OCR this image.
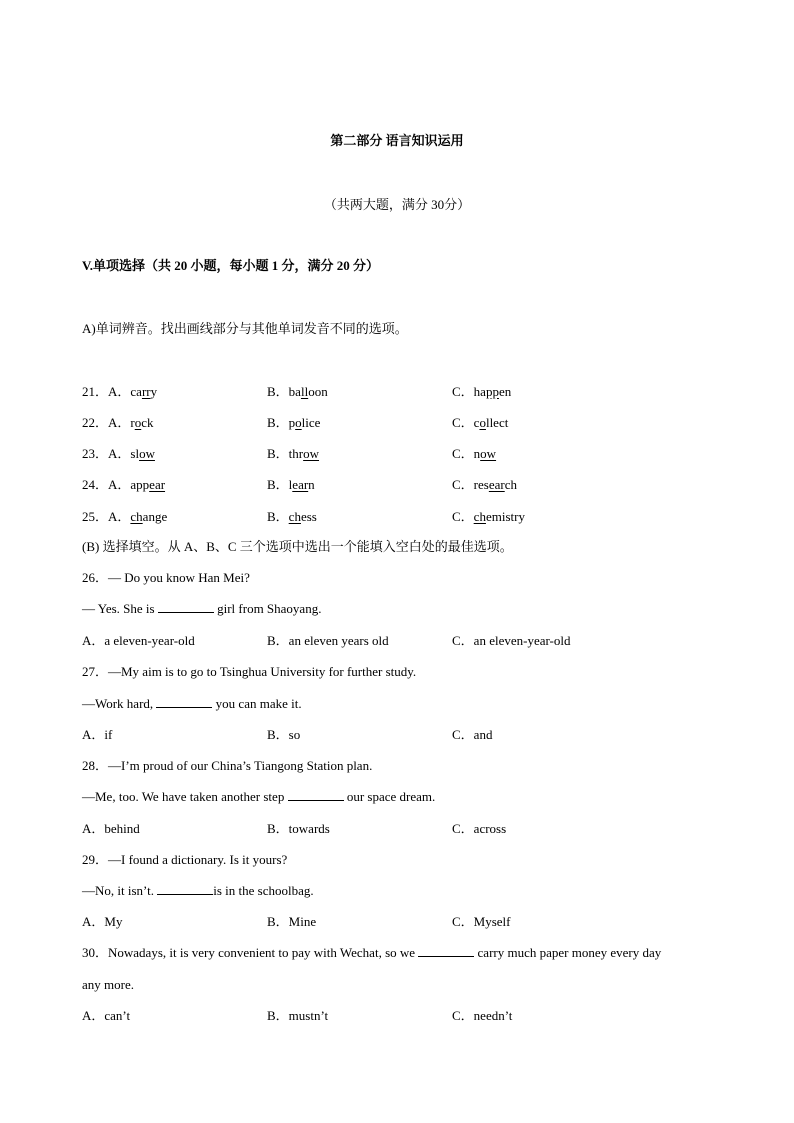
第二部分 语言知识运用
（共两大题，满分 30分）
V.单项选择（共 20 小题，每小题 1 分，满分 20 分）
A)单词辨音。找出画线部分与其他单词发音不同的选项。
21．A．carry	B．balloon	C．happen
22．A．rock	B．police	C．collect
23．A．slow	B．throw	C．now
24．A．appear	B．learn	C．research
25．A．change	B．chess	C．chemistry
(B) 选择填空。从 A、B、C 三个选项中选出一个能填入空白处的最佳选项。
26．— Do you know Han Mei?
— Yes. She is	girl from Shaoyang.
A．a eleven-year-old	B．an eleven years old	C．an eleven-year-old
27．—My aim is to go to Tsinghua University for further study.
—Work hard,	you can make it.
A．if	B．so	C．and
28．—I’m proud of our China’s Tiangong Station plan.
—Me, too. We have taken another step	our space dream.
A．behind	B．towards	C．across
29．—I found a dictionary. Is it yours?
—No, it isn’t.	is in the schoolbag.
A．My	B．Mine	C．Myself
30．Nowadays, it is very convenient to pay with Wechat, so we	carry much paper money every day
any more.
A．can’t	B．mustn’t	C．needn’t
